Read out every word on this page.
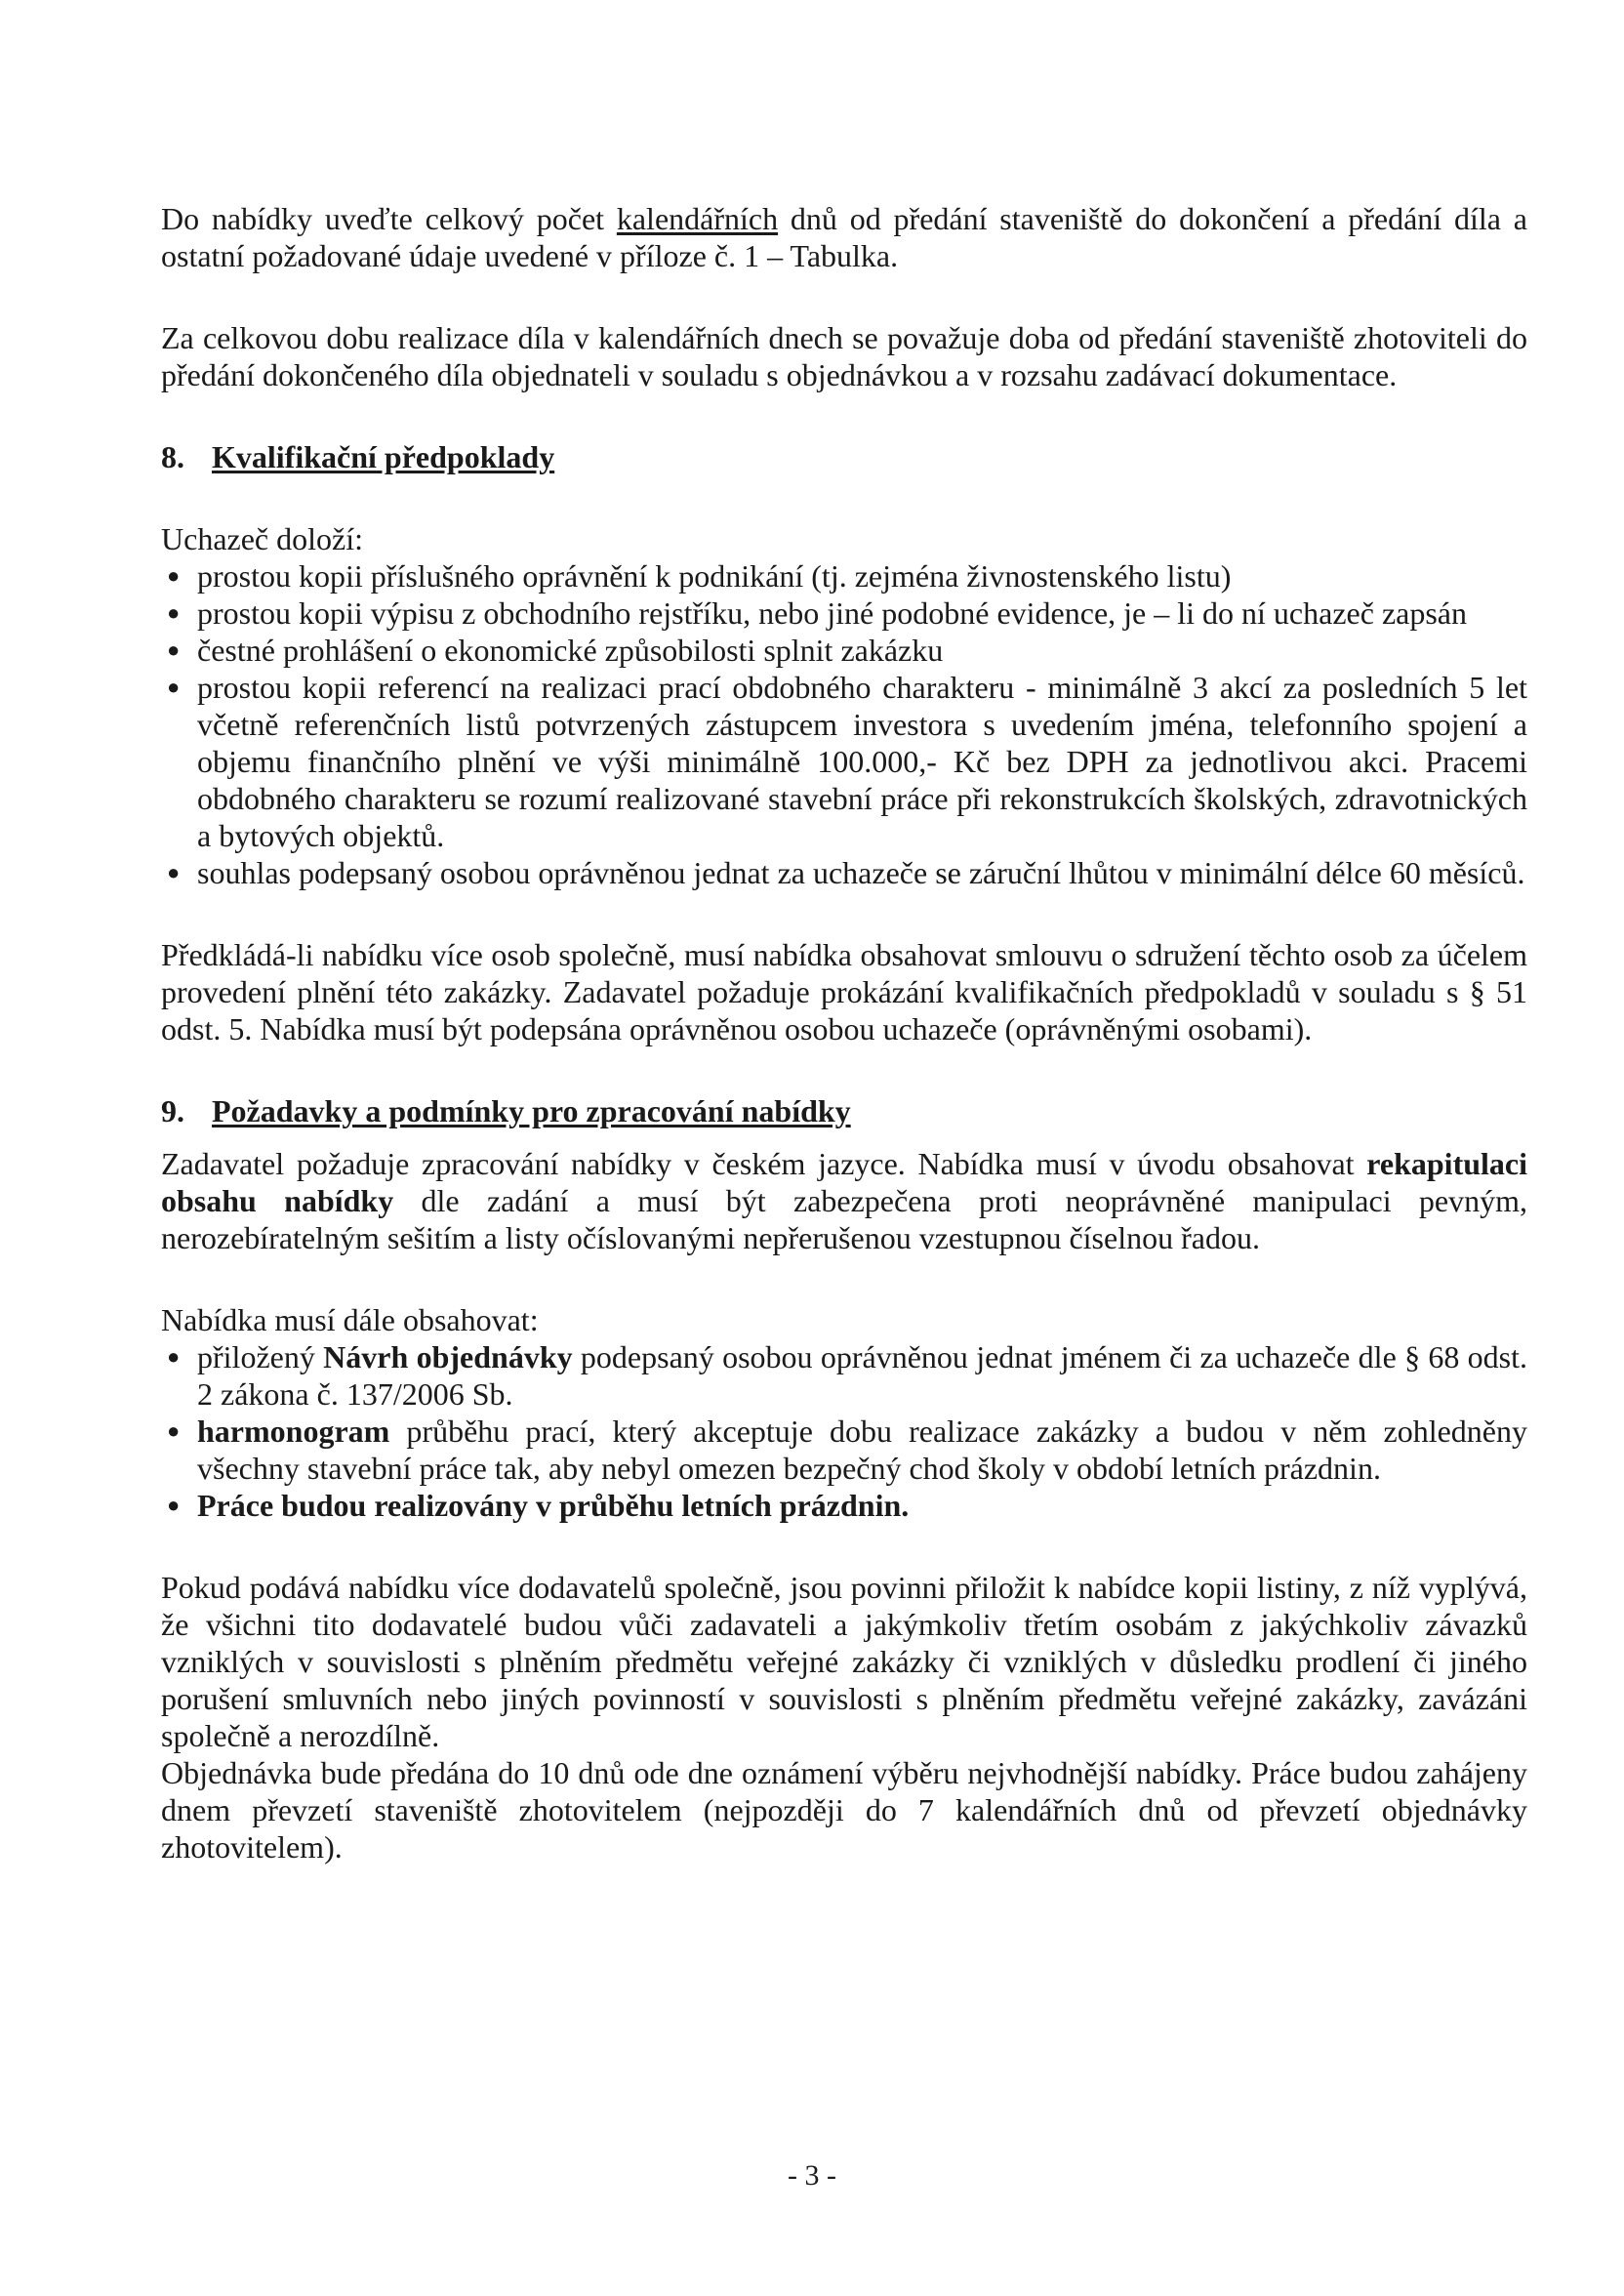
Do nabídky uveďte celkový počet kalendářních dnů od předání staveniště do dokončení a předání díla a ostatní požadované údaje uvedené v příloze č. 1 – Tabulka.

Za celkovou dobu realizace díla v kalendářních dnech se považuje doba od předání staveniště zhotoviteli do předání dokončeného díla objednateli v souladu s objednávkou a v rozsahu zadávací dokumentace.

8. Kvalifikační předpoklady

Uchazeč doloží:

● prostou kopii příslušného oprávnění k podnikání (tj. zejména živnostenského listu)
● prostou kopii výpisu z obchodního rejstříku, nebo jiné podobné evidence, je – li do ní uchazeč zapsán
● čestné prohlášení o ekonomické způsobilosti splnit zakázku
● prostou kopii referencí na realizaci prací obdobného charakteru - minimálně 3 akcí za posledních 5 let včetně referenčních listů potvrzených zástupcem investora s uvedením jména, telefonního spojení a objemu finančního plnění ve výši minimálně 100.000,- Kč bez DPH za jednotlivou akci. Pracemi obdobného charakteru se rozumí realizované stavební práce při rekonstrukcích školských, zdravotnických a bytových objektů.
● souhlas podepsaný osobou oprávněnou jednat za uchazeče se záruční lhůtou v minimální délce 60 měsíců.

Předkládá-li nabídku více osob společně, musí nabídka obsahovat smlouvu o sdružení těchto osob za účelem provedení plnění této zakázky. Zadavatel požaduje prokázání kvalifikačních předpokladů v souladu s § 51 odst. 5. Nabídka musí být podepsána oprávněnou osobou uchazeče (oprávněnými osobami).

9. Požadavky a podmínky pro zpracování nabídky

Zadavatel požaduje zpracování nabídky v českém jazyce. Nabídka musí v úvodu obsahovat rekapitulaci obsahu nabídky dle zadání a musí být zabezpečena proti neoprávněné manipulaci pevným, nerozebíratelným sešitím a listy očíslovanými nepřerušenou vzestupnou číselnou řadou.

Nabídka musí dále obsahovat:

● přiložený Návrh objednávky podepsaný osobou oprávněnou jednat jménem či za uchazeče dle § 68 odst. 2 zákona č. 137/2006 Sb.
● harmonogram průběhu prací, který akceptuje dobu realizace zakázky a budou v něm zohledněny všechny stavební práce tak, aby nebyl omezen bezpečný chod školy v období letních prázdnin.
● Práce budou realizovány v průběhu letních prázdnin.

Pokud podává nabídku více dodavatelů společně, jsou povinni přiložit k nabídce kopii listiny, z níž vyplývá, že všichni tito dodavatelé budou vůči zadavateli a jakýmkoliv třetím osobám z jakýchkoliv závazků vzniklých v souvislosti s plněním předmětu veřejné zakázky či vzniklých v důsledku prodlení či jiného porušení smluvních nebo jiných povinností v souvislosti s plněním předmětu veřejné zakázky, zavázáni společně a nerozdílně.

Objednávka bude předána do 10 dnů ode dne oznámení výběru nejvhodnější nabídky. Práce budou zahájeny dnem převzetí staveniště zhotovitelem (nejpozději do 7 kalendářních dnů od převzetí objednávky zhotovitelem).

- 3 -
